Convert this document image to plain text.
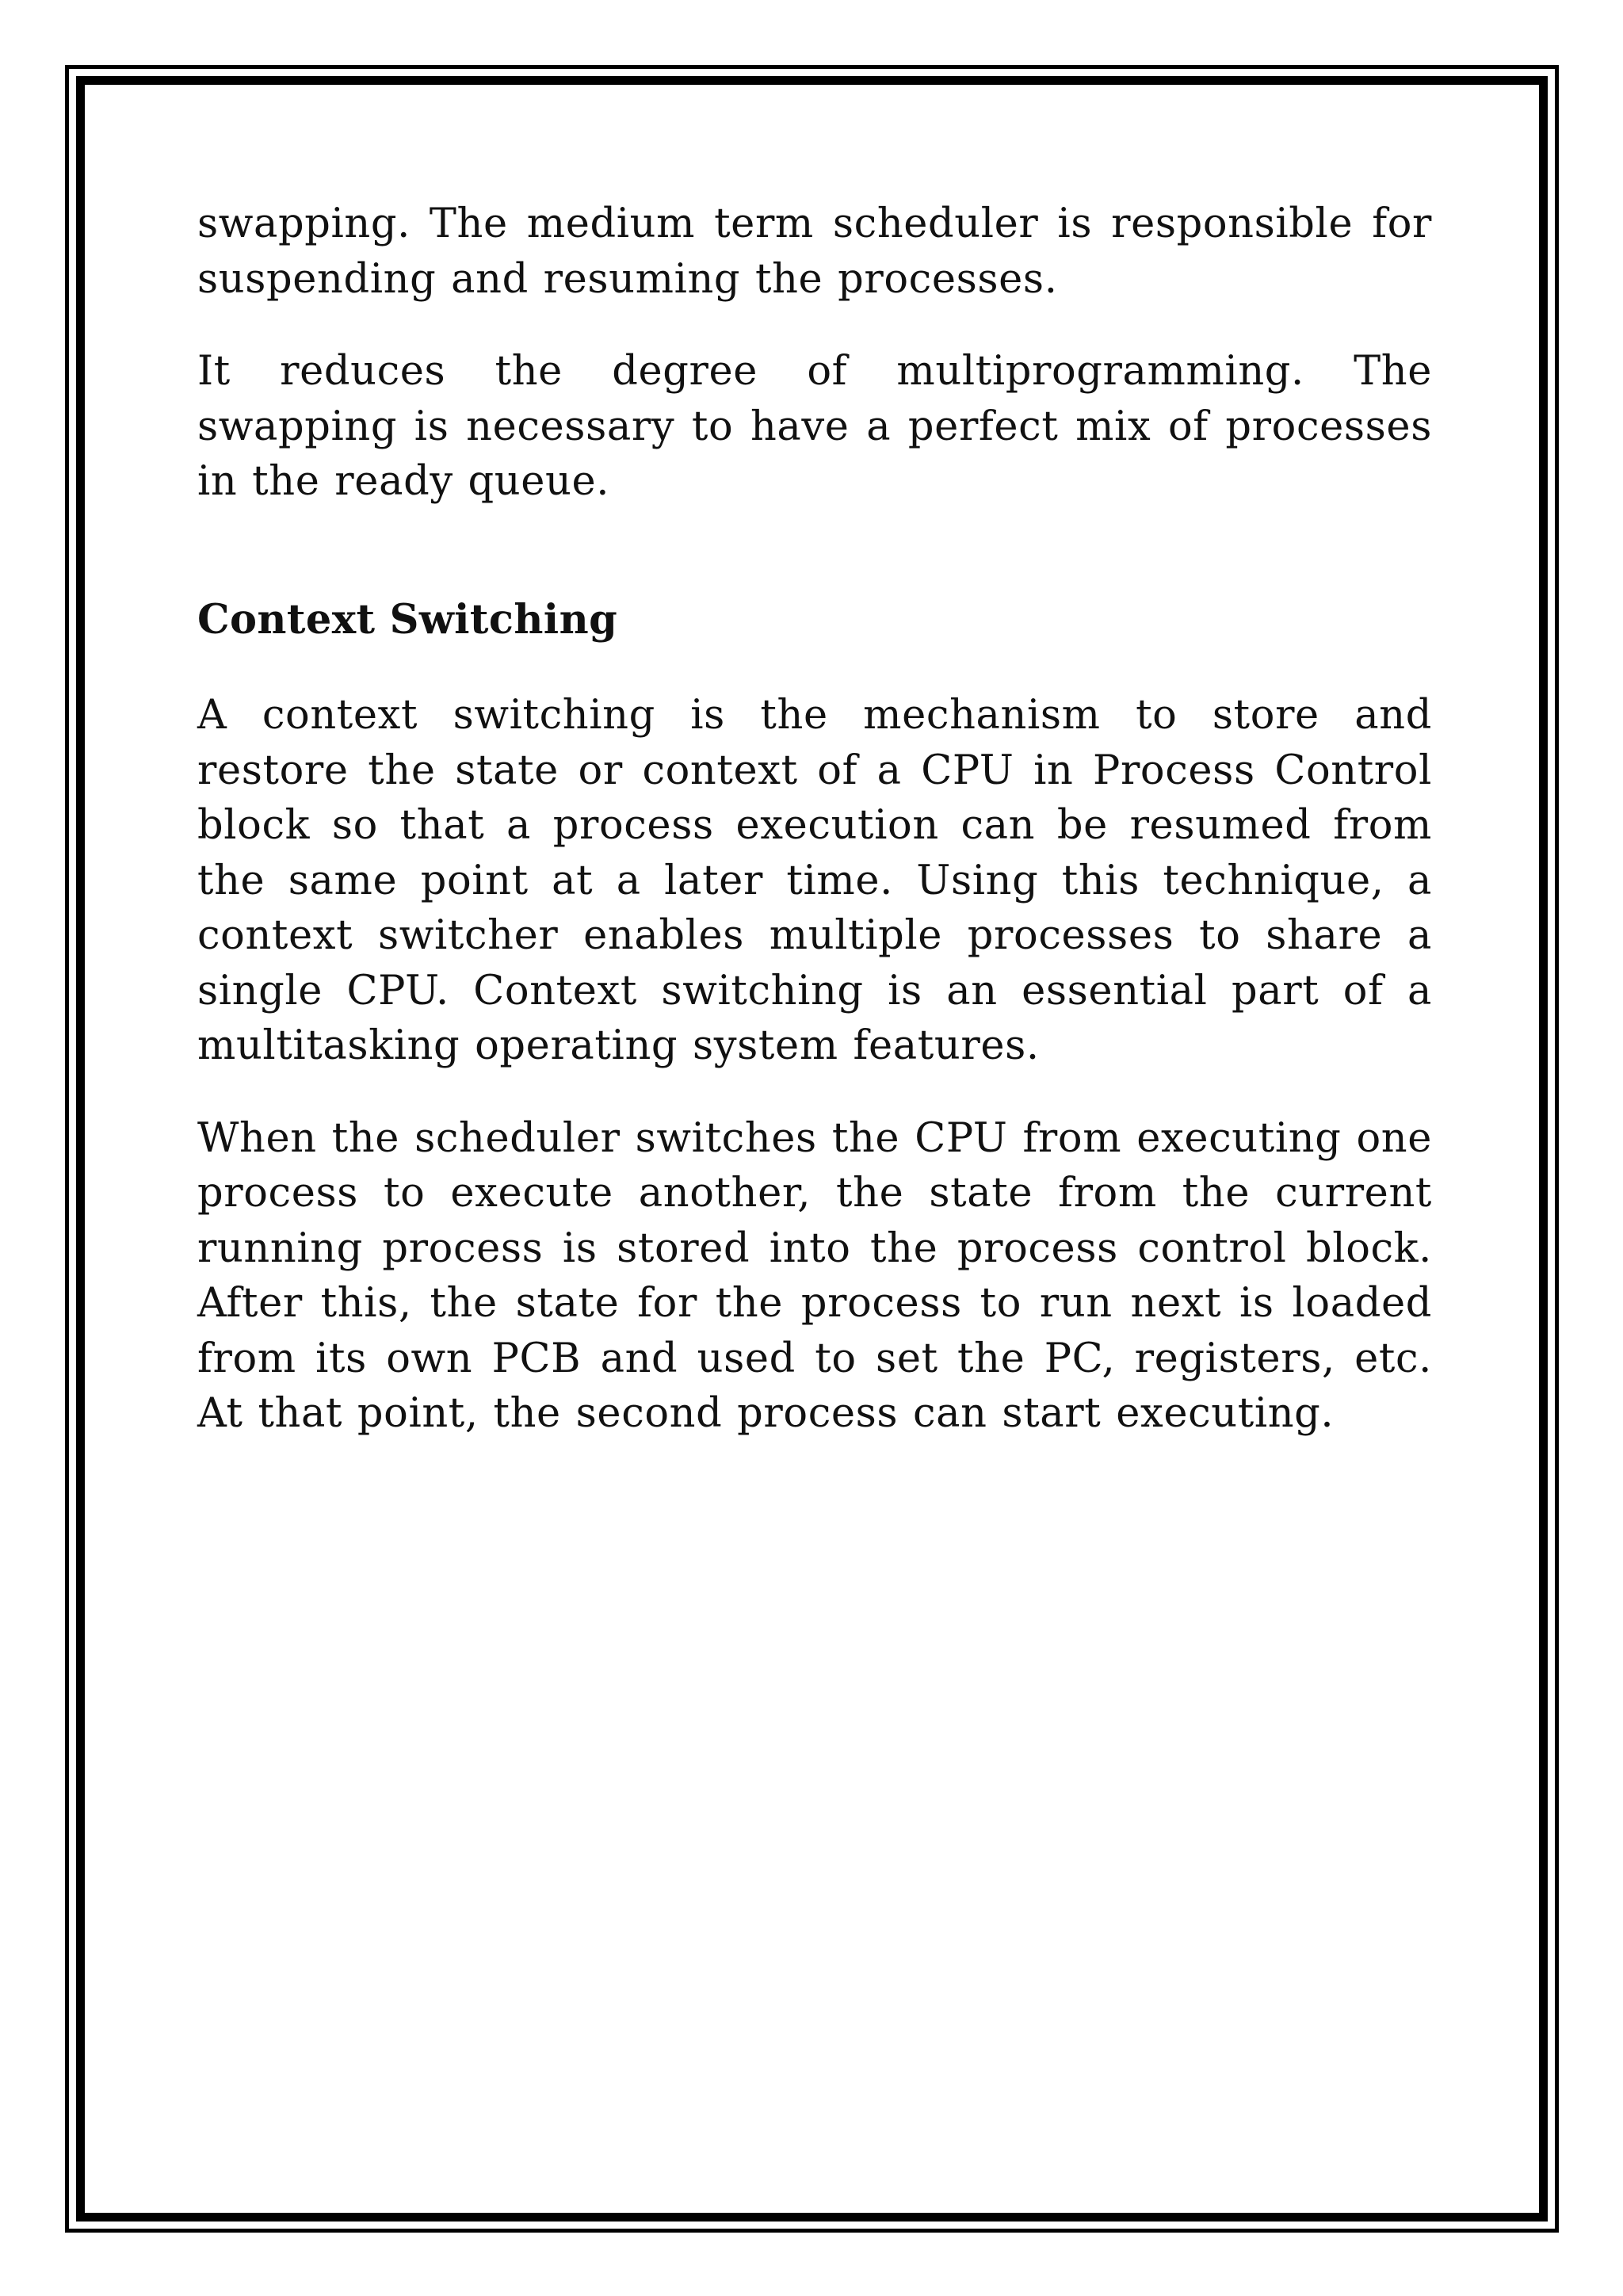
swapping. The medium term scheduler is responsible for suspending and resuming the processes.

It reduces the degree of multiprogramming. The swapping is necessary to have a perfect mix of processes in the ready queue.

Context Switching

A context switching is the mechanism to store and restore the state or context of a CPU in Process Control block so that a process execution can be resumed from the same point at a later time. Using this technique, a context switcher enables multiple processes to share a single CPU. Context switching is an essential part of a multitasking operating system features.

When the scheduler switches the CPU from executing one process to execute another, the state from the current running process is stored into the process control block. After this, the state for the process to run next is loaded from its own PCB and used to set the PC, registers, etc. At that point, the second process can start executing.
